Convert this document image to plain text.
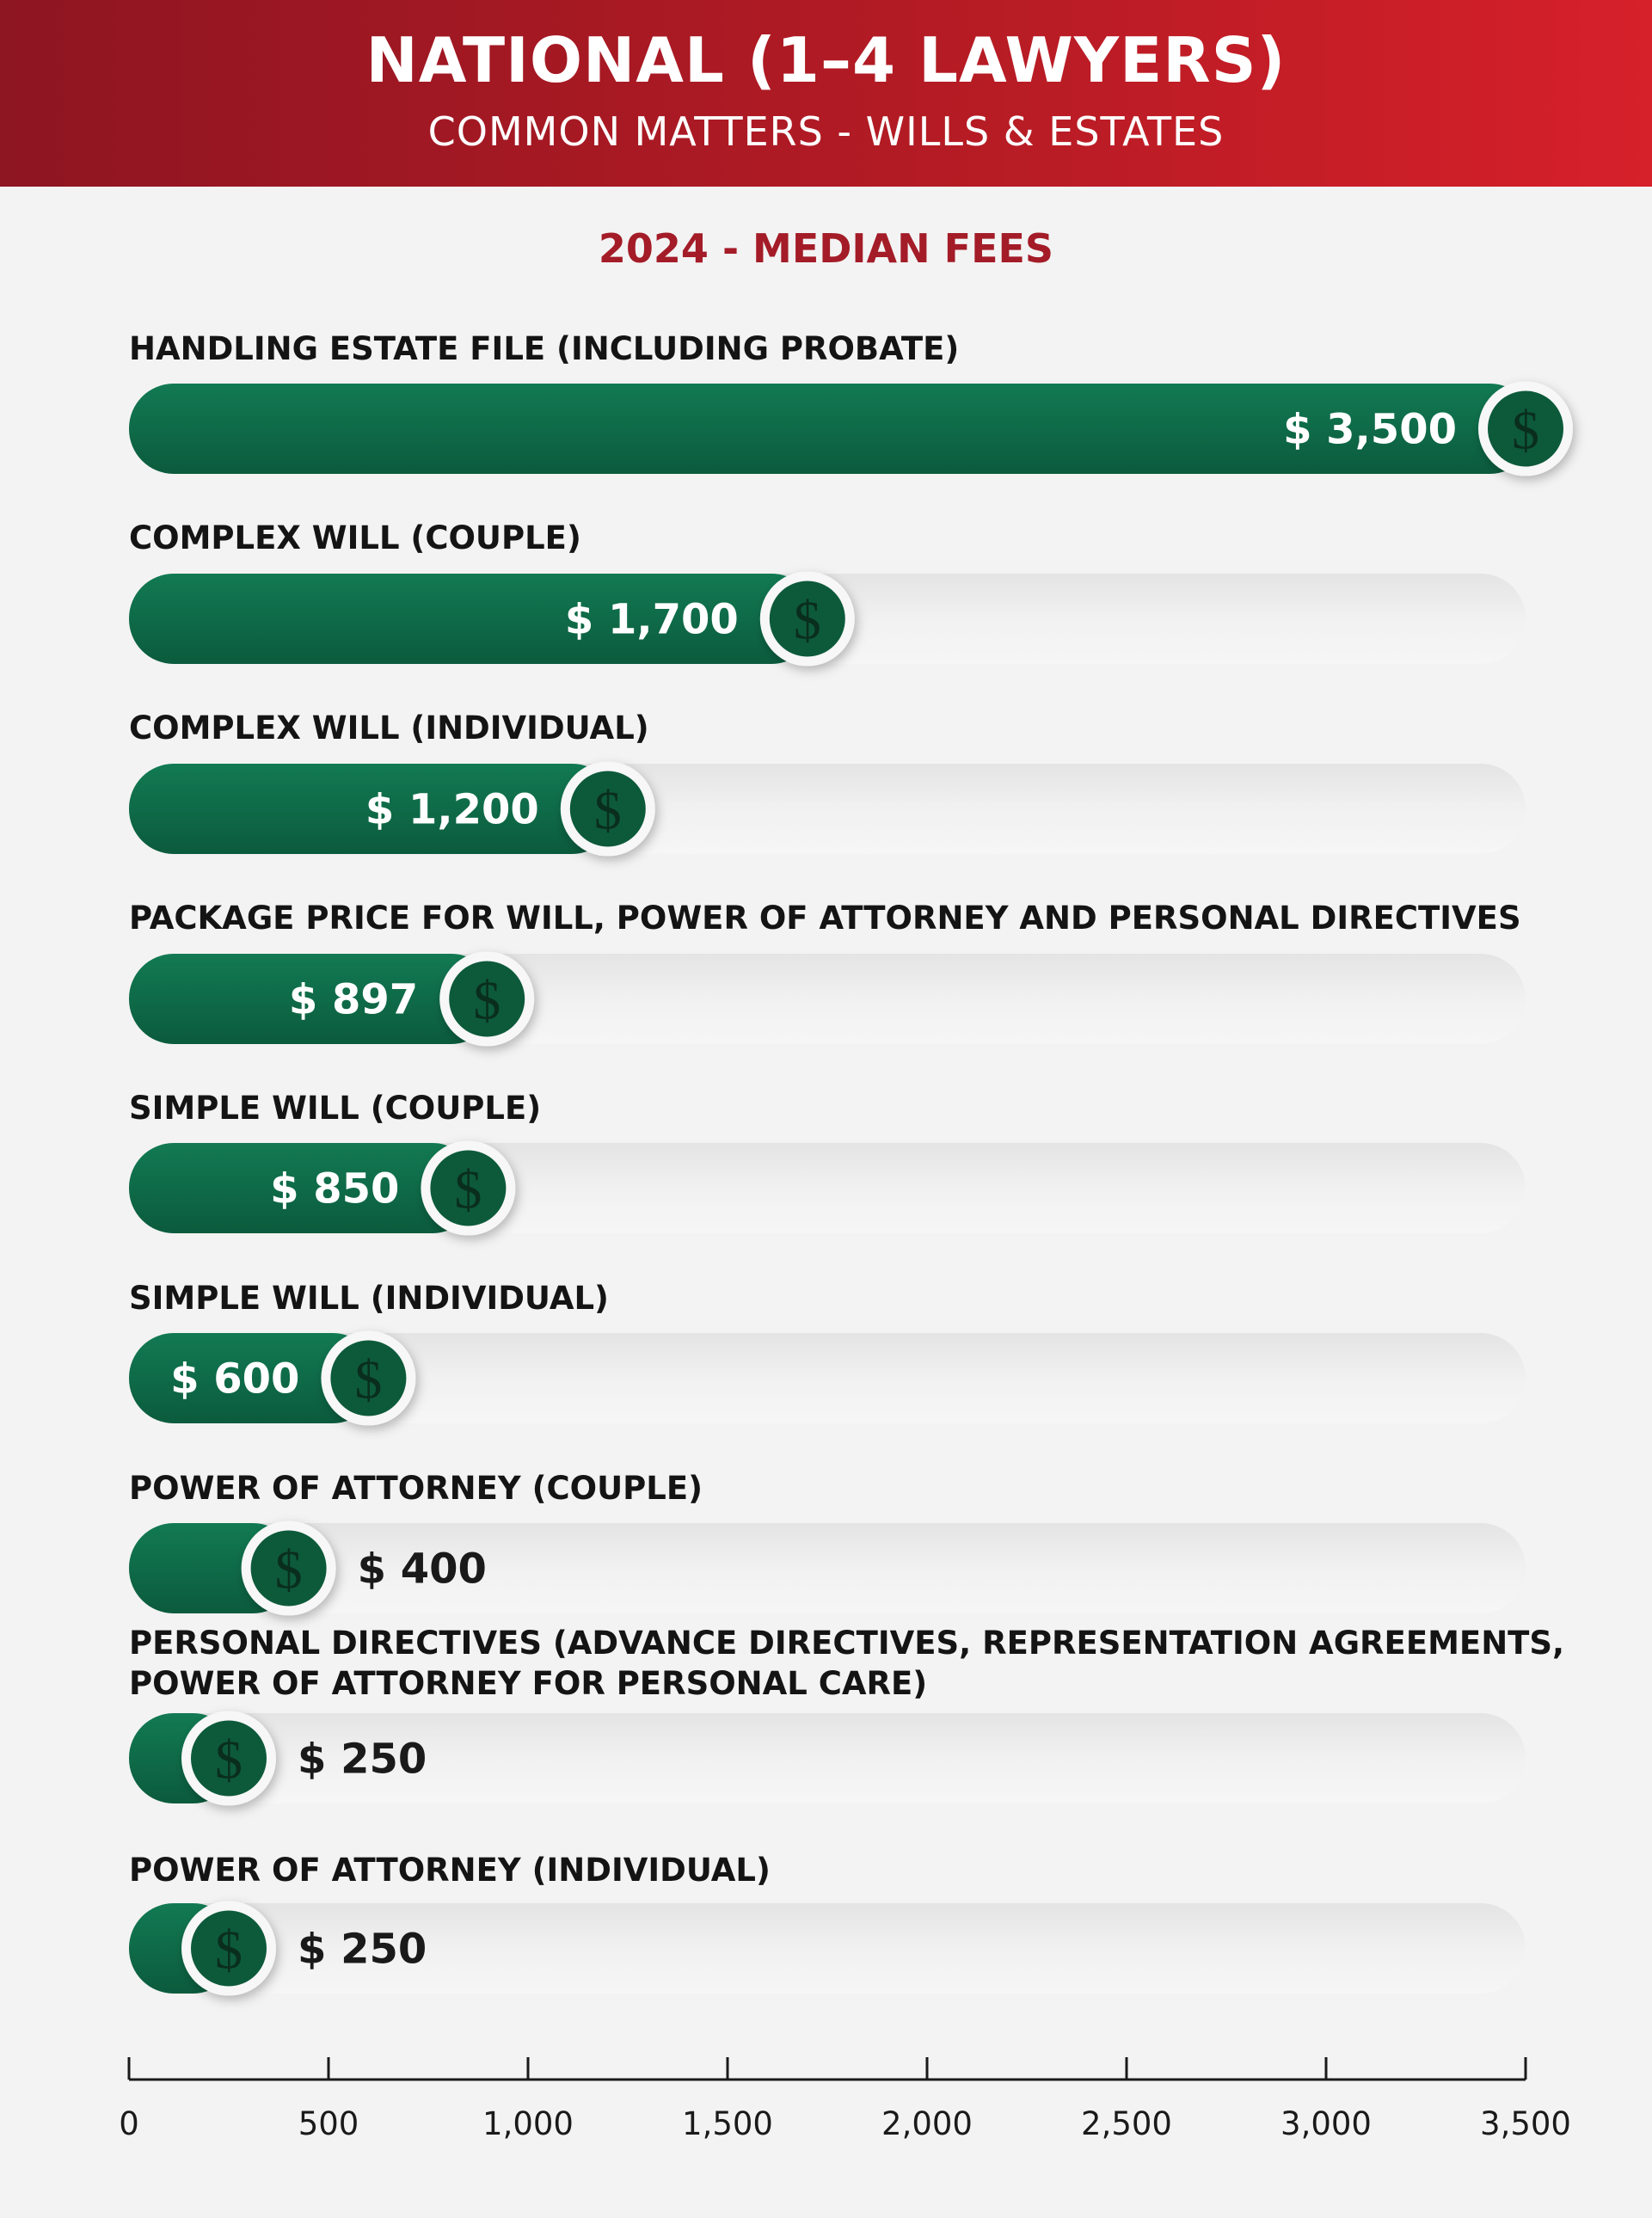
NATIONAL (1–4 LAWYERS)
COMMON MATTERS - WILLS & ESTATES
2024 - MEDIAN FEES
HANDLING ESTATE FILE (INCLUDING PROBATE)
$
$ 3,500
COMPLEX WILL (COUPLE)
$
$ 1,700
COMPLEX WILL (INDIVIDUAL)
$
$ 1,200
PACKAGE PRICE FOR WILL, POWER OF ATTORNEY AND PERSONAL DIRECTIVES
$
$ 897
SIMPLE WILL (COUPLE)
$
$ 850
SIMPLE WILL (INDIVIDUAL)
$
$ 600
POWER OF ATTORNEY (COUPLE)
$ $ 400
PERSONAL DIRECTIVES (ADVANCE DIRECTIVES, REPRESENTATION AGREEMENTS,
POWER OF ATTORNEY FOR PERSONAL CARE)
$ $ 250
POWER OF ATTORNEY (INDIVIDUAL)
$ $ 250
0	500	1,000	1,500	2,000	2,500	3,000	3,500
